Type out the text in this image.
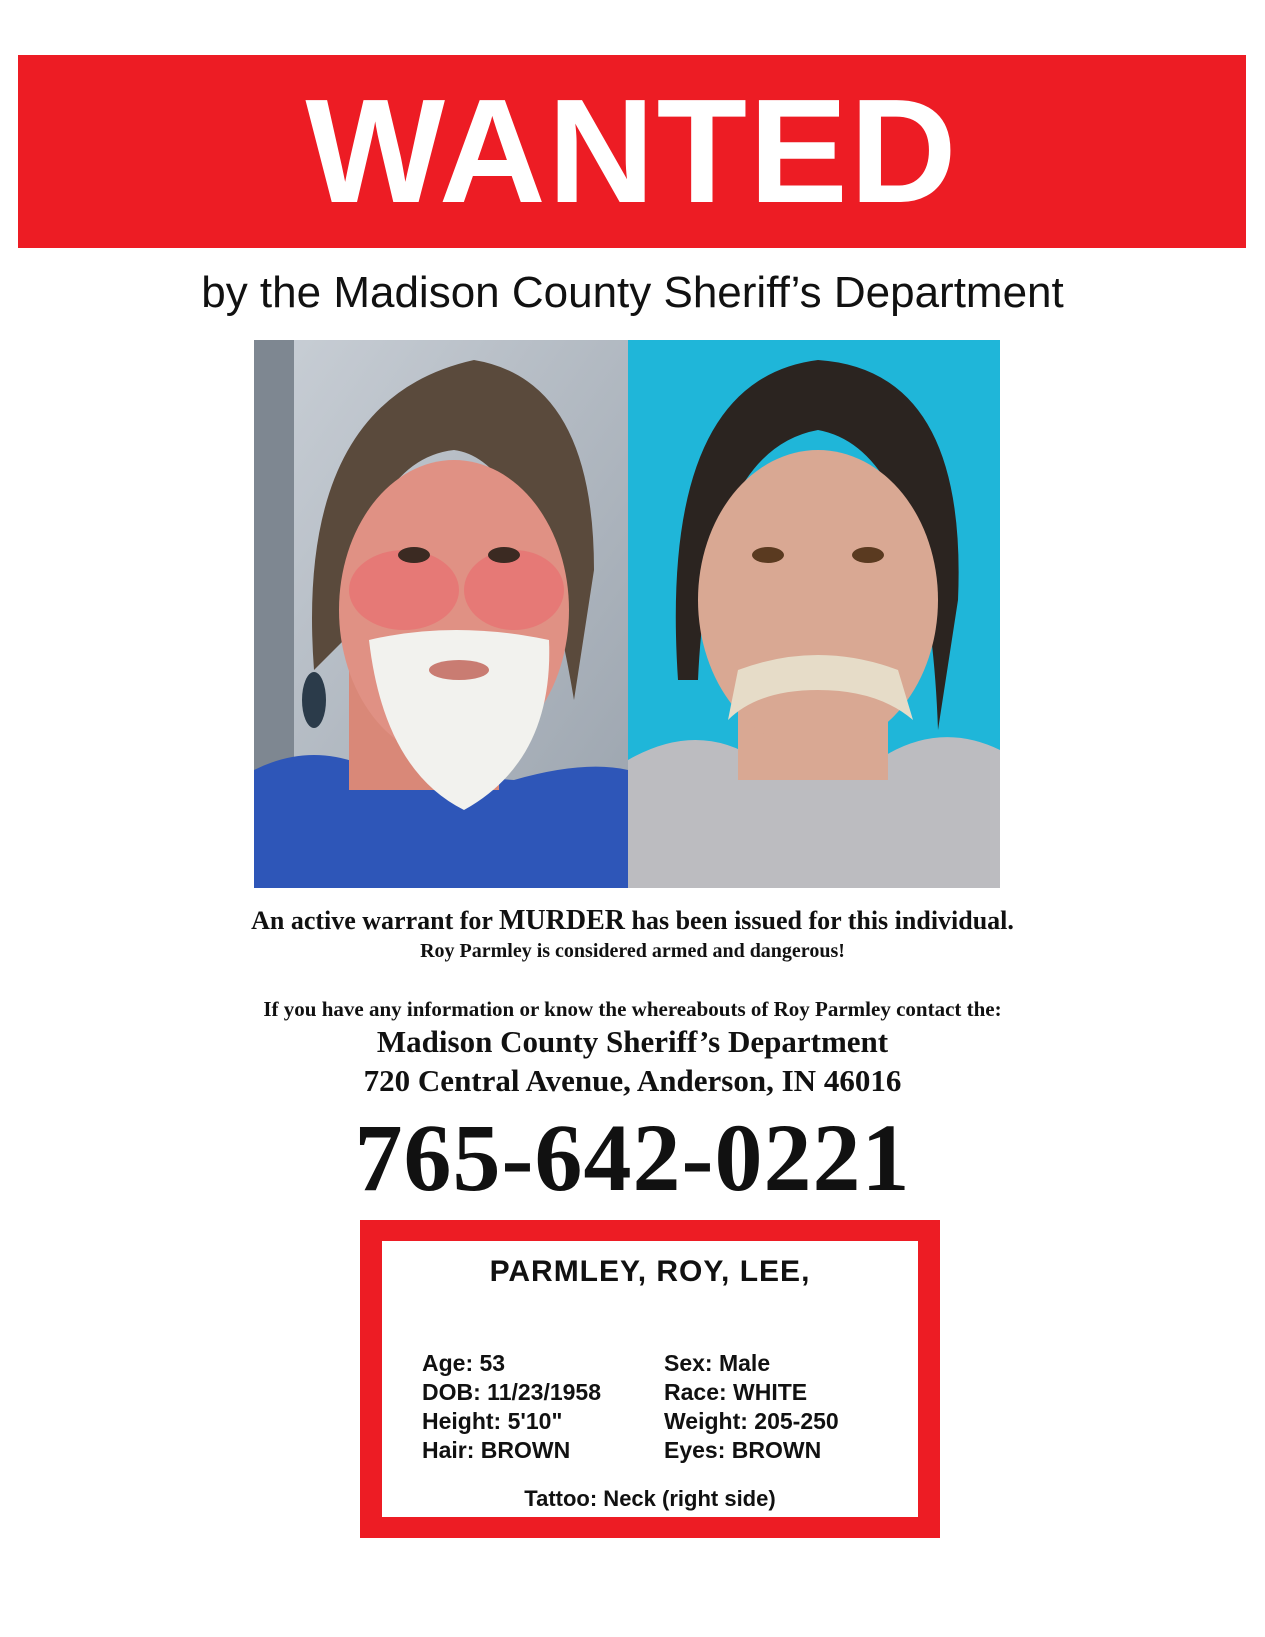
WANTED
by the Madison County Sheriff’s Department
An active warrant for MURDER has been issued for this individual.
Roy Parmley is considered armed and dangerous!
If you have any information or know the whereabouts of Roy Parmley contact the:
Madison County Sheriff’s Department
720 Central Avenue, Anderson, IN 46016
765-642-0221
PARMLEY, ROY, LEE,
Age: 53
DOB: 11/23/1958
Height: 5'10"
Hair: BROWN
Sex: Male
Race: WHITE
Weight: 205-250
Eyes: BROWN
Tattoo: Neck (right side)
